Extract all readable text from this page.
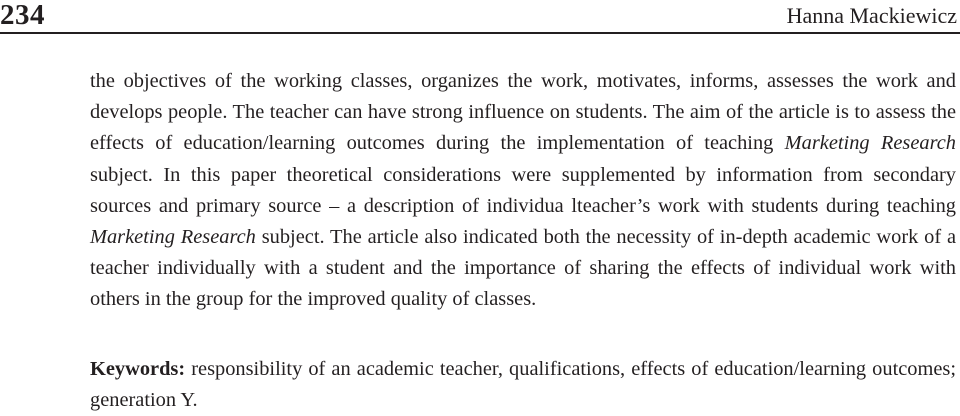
234	Hanna Mackiewicz

the objectives of the working classes, organizes the work, motivates, informs, assesses the work and develops people. The teacher can have strong influence on students. The aim of the article is to assess the effects of education/learning outcomes during the implementation of teaching Marketing Research subject. In this paper theoretical considerations were supplemented by information from secondary sources and primary source – a description of individua lteacher’s work with students during teaching Marketing Research subject. The article also indicated both the necessity of in-depth academic work of a teacher individually with a student and the importance of sharing the effects of individual work with others in the group for the improved quality of classes.

Keywords: responsibility of an academic teacher, qualifications, effects of education/learning outcomes; generation Y.
